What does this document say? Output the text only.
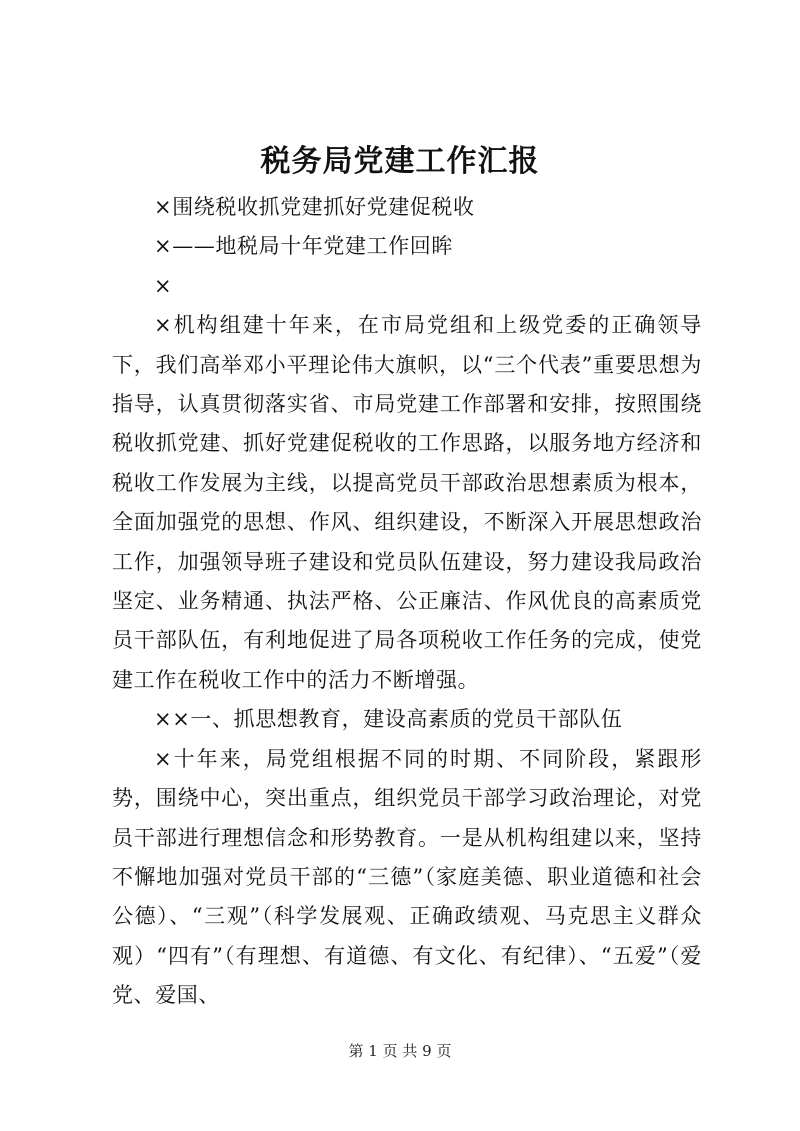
税务局党建工作汇报

×围绕税收抓党建抓好党建促税收

×——地税局十年党建工作回眸

×

×机构组建十年来，在市局党组和上级党委的正确领导下，我们高举邓小平理论伟大旗帜，以“三个代表”重要思想为指导，认真贯彻落实省、市局党建工作部署和安排，按照围绕税收抓党建、抓好党建促税收的工作思路，以服务地方经济和税收工作发展为主线，以提高党员干部政治思想素质为根本，全面加强党的思想、作风、组织建设，不断深入开展思想政治工作，加强领导班子建设和党员队伍建设，努力建设我局政治坚定、业务精通、执法严格、公正廉洁、作风优良的高素质党员干部队伍，有利地促进了局各项税收工作任务的完成，使党建工作在税收工作中的活力不断增强。

××一、抓思想教育，建设高素质的党员干部队伍

×十年来，局党组根据不同的时期、不同阶段，紧跟形势，围绕中心，突出重点，组织党员干部学习政治理论，对党员干部进行理想信念和形势教育。一是从机构组建以来，坚持不懈地加强对党员干部的“三德”（家庭美德、职业道德和社会公德）、“三观”（科学发展观、正确政绩观、马克思主义群众观）“四有”（有理想、有道德、有文化、有纪律）、“五爱”（爱党、爱国、

第 1 页 共 9 页
